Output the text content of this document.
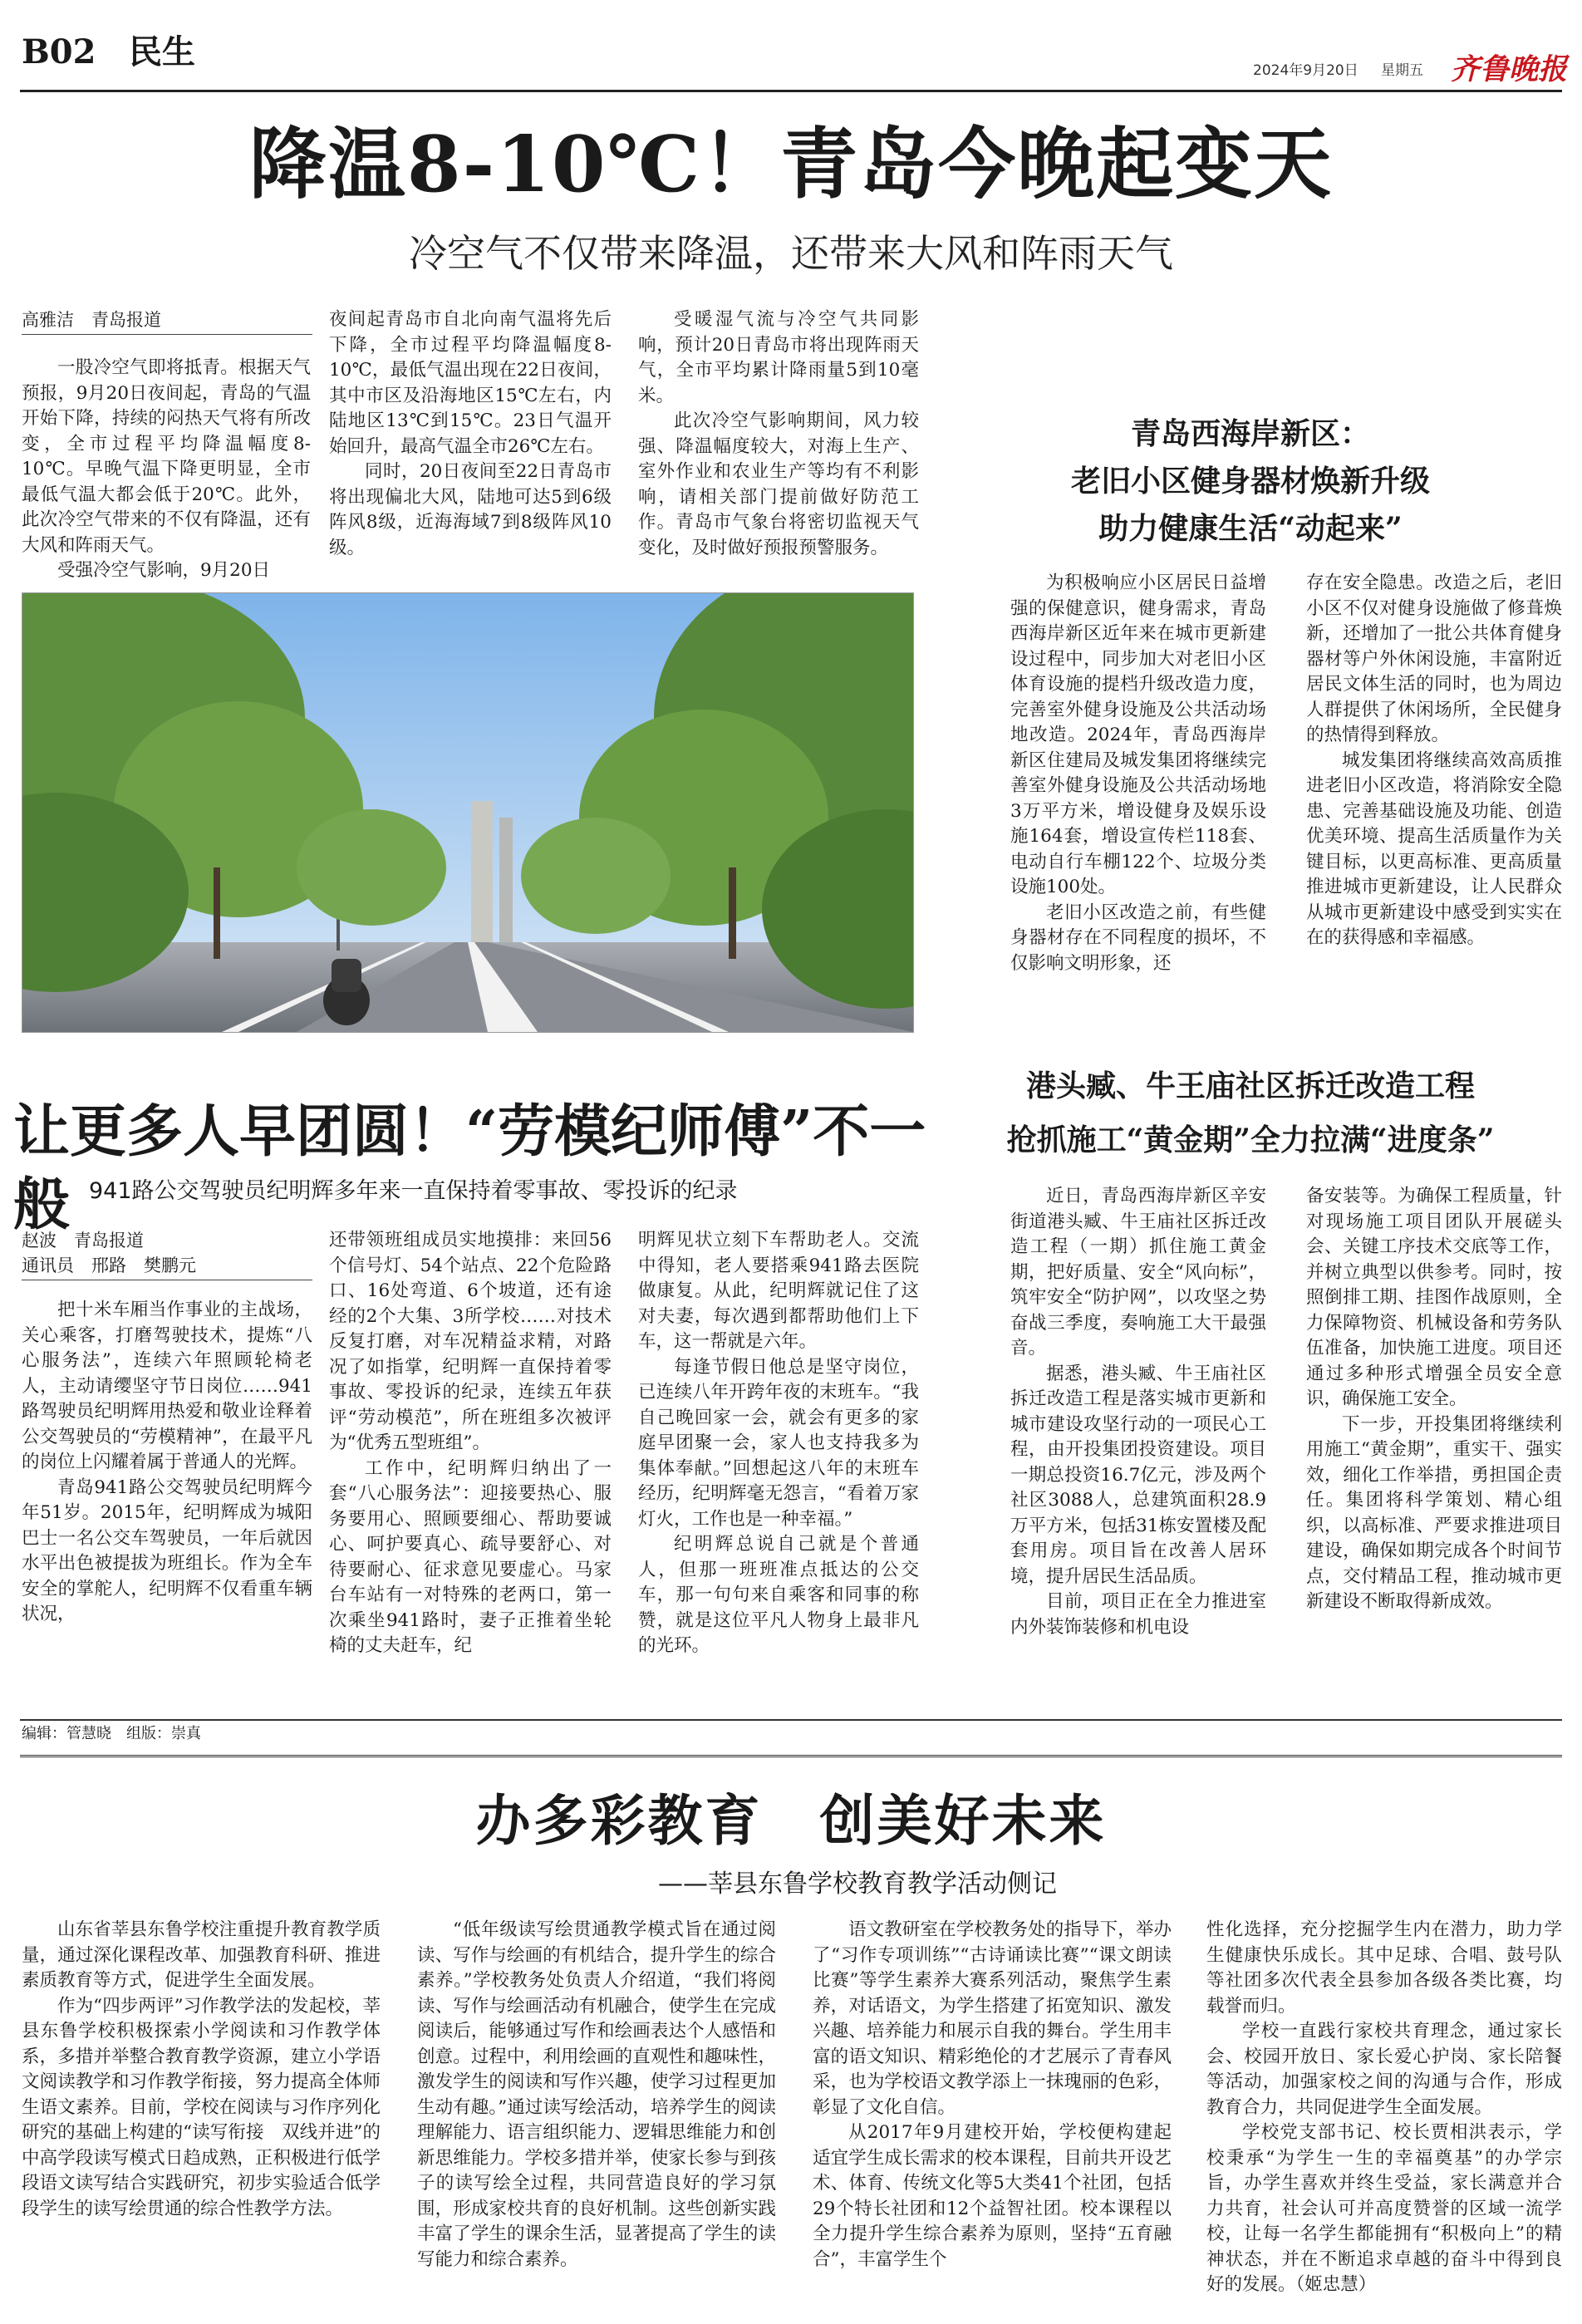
B02 民生	2024年9月20日 星期五 齐鲁晚报
降温8-10℃！青岛今晚起变天
冷空气不仅带来降温，还带来大风和阵雨天气
高雅洁　青岛报道

一股冷空气即将抵青。根据天气预报，9月20日夜间起，青岛的气温开始下降，持续的闷热天气将有所改变，全市过程平均降温幅度8-10℃。早晚气温下降更明显，全市最低气温大都会低于20℃。此外，此次冷空气带来的不仅有降温，还有大风和阵雨天气。

受强冷空气影响，9月20日

夜间起青岛市自北向南气温将先后下降，全市过程平均降温幅度8-10℃，最低气温出现在22日夜间，其中市区及沿海地区15℃左右，内陆地区13℃到15℃。23日气温开始回升，最高气温全市26℃左右。

同时，20日夜间至22日青岛市将出现偏北大风，陆地可达5到6级阵风8级，近海海域7到8级阵风10级。

受暖湿气流与冷空气共同影响，预计20日青岛市将出现阵雨天气，全市平均累计降雨量5到10毫米。

此次冷空气影响期间，风力较强、降温幅度较大，对海上生产、室外作业和农业生产等均有不利影响，请相关部门提前做好防范工作。青岛市气象台将密切监视天气变化，及时做好预报预警服务。

让更多人早团圆！“劳模纪师傅”不一般 941路公交驾驶员纪明辉多年来一直保持着零事故、零投诉的纪录
赵波　青岛报道
通讯员　邢路　樊鹏元

把十米车厢当作事业的主战场，关心乘客，打磨驾驶技术，提炼“八心服务法”，连续六年照顾轮椅老人，主动请缨坚守节日岗位……941路驾驶员纪明辉用热爱和敬业诠释着公交驾驶员的“劳模精神”，在最平凡的岗位上闪耀着属于普通人的光辉。

青岛941路公交驾驶员纪明辉今年51岁。2015年，纪明辉成为城阳巴士一名公交车驾驶员，一年后就因水平出色被提拔为班组长。作为全车安全的掌舵人，纪明辉不仅看重车辆状况，

还带领班组成员实地摸排：来回56个信号灯、54个站点、22个危险路口、16处弯道、6个坡道，还有途经的2个大集、3所学校……对技术反复打磨，对车况精益求精，对路况了如指掌，纪明辉一直保持着零事故、零投诉的纪录，连续五年获评“劳动模范”，所在班组多次被评为“优秀五型班组”。

工作中，纪明辉归纳出了一套“八心服务法”：迎接要热心、服务要用心、照顾要细心、帮助要诚心、呵护要真心、疏导要舒心、对待要耐心、征求意见要虚心。马家台车站有一对特殊的老两口，第一次乘坐941路时，妻子正推着坐轮椅的丈夫赶车，纪

明辉见状立刻下车帮助老人。交流中得知，老人要搭乘941路去医院做康复。从此，纪明辉就记住了这对夫妻，每次遇到都帮助他们上下车，这一帮就是六年。

每逢节假日他总是坚守岗位，已连续八年开跨年夜的末班车。“我自己晚回家一会，就会有更多的家庭早团聚一会，家人也支持我多为集体奉献。”回想起这八年的末班车经历，纪明辉毫无怨言，“看着万家灯火，工作也是一种幸福。”

纪明辉总说自己就是个普通人，但那一班班准点抵达的公交车，那一句句来自乘客和同事的称赞，就是这位平凡人物身上最非凡的光环。

青岛西海岸新区：
老旧小区健身器材焕新升级
助力健康生活“动起来”

为积极响应小区居民日益增强的保健意识，健身需求，青岛西海岸新区近年来在城市更新建设过程中，同步加大对老旧小区体育设施的提档升级改造力度，完善室外健身设施及公共活动场地改造。2024年，青岛西海岸新区住建局及城发集团将继续完善室外健身设施及公共活动场地3万平方米，增设健身及娱乐设施164套，增设宣传栏118套、电动自行车棚122个、垃圾分类设施100处。

老旧小区改造之前，有些健身器材存在不同程度的损坏，不仅影响文明形象，还

存在安全隐患。改造之后，老旧小区不仅对健身设施做了修葺焕新，还增加了一批公共体育健身器材等户外休闲设施，丰富附近居民文体生活的同时，也为周边人群提供了休闲场所，全民健身的热情得到释放。

城发集团将继续高效高质推进老旧小区改造，将消除安全隐患、完善基础设施及功能、创造优美环境、提高生活质量作为关键目标，以更高标准、更高质量推进城市更新建设，让人民群众从城市更新建设中感受到实实在在的获得感和幸福感。

港头臧、牛王庙社区拆迁改造工程
抢抓施工“黄金期”全力拉满“进度条”

近日，青岛西海岸新区辛安街道港头臧、牛王庙社区拆迁改造工程（一期）抓住施工黄金期，把好质量、安全“风向标”，筑牢安全“防护网”，以攻坚之势奋战三季度，奏响施工大干最强音。

据悉，港头臧、牛王庙社区拆迁改造工程是落实城市更新和城市建设攻坚行动的一项民心工程，由开投集团投资建设。项目一期总投资16.7亿元，涉及两个社区3088人，总建筑面积28.9万平方米，包括31栋安置楼及配套用房。项目旨在改善人居环境，提升居民生活品质。

目前，项目正在全力推进室内外装饰装修和机电设

备安装等。为确保工程质量，针对现场施工项目团队开展磋头会、关键工序技术交底等工作，并树立典型以供参考。同时，按照倒排工期、挂图作战原则，全力保障物资、机械设备和劳务队伍准备，加快施工进度。项目还通过多种形式增强全员安全意识，确保施工安全。

下一步，开投集团将继续利用施工“黄金期”，重实干、强实效，细化工作举措，勇担国企责任。集团将科学策划、精心组织，以高标准、严要求推进项目建设，确保如期完成各个时间节点，交付精品工程，推动城市更新建设不断取得新成效。

编辑：管慧晓　组版：崇真
办多彩教育　创美好未来
——莘县东鲁学校教育教学活动侧记

山东省莘县东鲁学校注重提升教育教学质量，通过深化课程改革、加强教育科研、推进素质教育等方式，促进学生全面发展。

作为“四步两评”习作教学法的发起校，莘县东鲁学校积极探索小学阅读和习作教学体系，多措并举整合教育教学资源，建立小学语文阅读教学和习作教学衔接，努力提高全体师生语文素养。目前，学校在阅读与习作序列化研究的基础上构建的“读写衔接　双线并进”的中高学段读写模式日趋成熟，正积极进行低学段语文读写结合实践研究，初步实验适合低学段学生的读写绘贯通的综合性教学方法。

“低年级读写绘贯通教学模式旨在通过阅读、写作与绘画的有机结合，提升学生的综合素养。”学校教务处负责人介绍道，“我们将阅读、写作与绘画活动有机融合，使学生在完成阅读后，能够通过写作和绘画表达个人感悟和创意。过程中，利用绘画的直观性和趣味性，激发学生的阅读和写作兴趣，使学习过程更加生动有趣。”通过读写绘活动，培养学生的阅读理解能力、语言组织能力、逻辑思维能力和创新思维能力。学校多措并举，使家长参与到孩子的读写绘全过程，共同营造良好的学习氛围，形成家校共育的良好机制。这些创新实践丰富了学生的课余生活，显著提高了学生的读写能力和综合素养。

语文教研室在学校教务处的指导下，举办了“习作专项训练”“古诗诵读比赛”“课文朗读比赛”等学生素养大赛系列活动，聚焦学生素养，对话语文，为学生搭建了拓宽知识、激发兴趣、培养能力和展示自我的舞台。学生用丰富的语文知识、精彩绝伦的才艺展示了青春风采，也为学校语文教学添上一抹瑰丽的色彩，彰显了文化自信。

从2017年9月建校开始，学校便构建起适宜学生成长需求的校本课程，目前共开设艺术、体育、传统文化等5大类41个社团，包括29个特长社团和12个益智社团。校本课程以全力提升学生综合素养为原则，坚持“五育融合”，丰富学生个

性化选择，充分挖掘学生内在潜力，助力学生健康快乐成长。其中足球、合唱、鼓号队等社团多次代表全县参加各级各类比赛，均载誉而归。

学校一直践行家校共育理念，通过家长会、校园开放日、家长爱心护岗、家长陪餐等活动，加强家校之间的沟通与合作，形成教育合力，共同促进学生全面发展。

学校党支部书记、校长贾相洪表示，学校秉承“为学生一生的幸福奠基”的办学宗旨，办学生喜欢并终生受益，家长满意并合力共育，社会认可并高度赞誉的区域一流学校，让每一名学生都能拥有“积极向上”的精神状态，并在不断追求卓越的奋斗中得到良好的发展。（姬忠慧）
